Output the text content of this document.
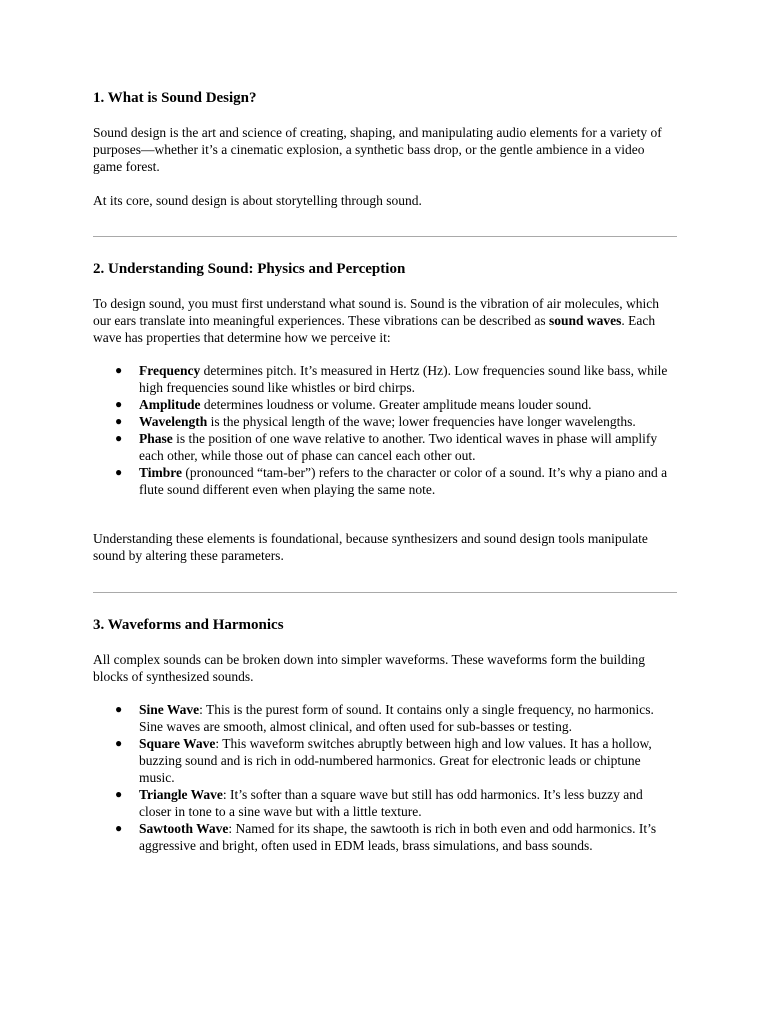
1. What is Sound Design?

Sound design is the art and science of creating, shaping, and manipulating audio elements for a variety of purposes—whether it’s a cinematic explosion, a synthetic bass drop, or the gentle ambience in a video game forest.

At its core, sound design is about storytelling through sound.

2. Understanding Sound: Physics and Perception

To design sound, you must first understand what sound is. Sound is the vibration of air molecules, which our ears translate into meaningful experiences. These vibrations can be described as sound waves. Each wave has properties that determine how we perceive it:

● Frequency determines pitch. It’s measured in Hertz (Hz). Low frequencies sound like bass, while high frequencies sound like whistles or bird chirps.
● Amplitude determines loudness or volume. Greater amplitude means louder sound.
● Wavelength is the physical length of the wave; lower frequencies have longer wavelengths.
● Phase is the position of one wave relative to another. Two identical waves in phase will amplify each other, while those out of phase can cancel each other out.
● Timbre (pronounced “tam-ber”) refers to the character or color of a sound. It’s why a piano and a flute sound different even when playing the same note.

Understanding these elements is foundational, because synthesizers and sound design tools manipulate sound by altering these parameters.

3. Waveforms and Harmonics

All complex sounds can be broken down into simpler waveforms. These waveforms form the building blocks of synthesized sounds.

● Sine Wave: This is the purest form of sound. It contains only a single frequency, no harmonics. Sine waves are smooth, almost clinical, and often used for sub-basses or testing.
● Square Wave: This waveform switches abruptly between high and low values. It has a hollow, buzzing sound and is rich in odd-numbered harmonics. Great for electronic leads or chiptune music.
● Triangle Wave: It’s softer than a square wave but still has odd harmonics. It’s less buzzy and closer in tone to a sine wave but with a little texture.
● Sawtooth Wave: Named for its shape, the sawtooth is rich in both even and odd harmonics. It’s aggressive and bright, often used in EDM leads, brass simulations, and bass sounds.
